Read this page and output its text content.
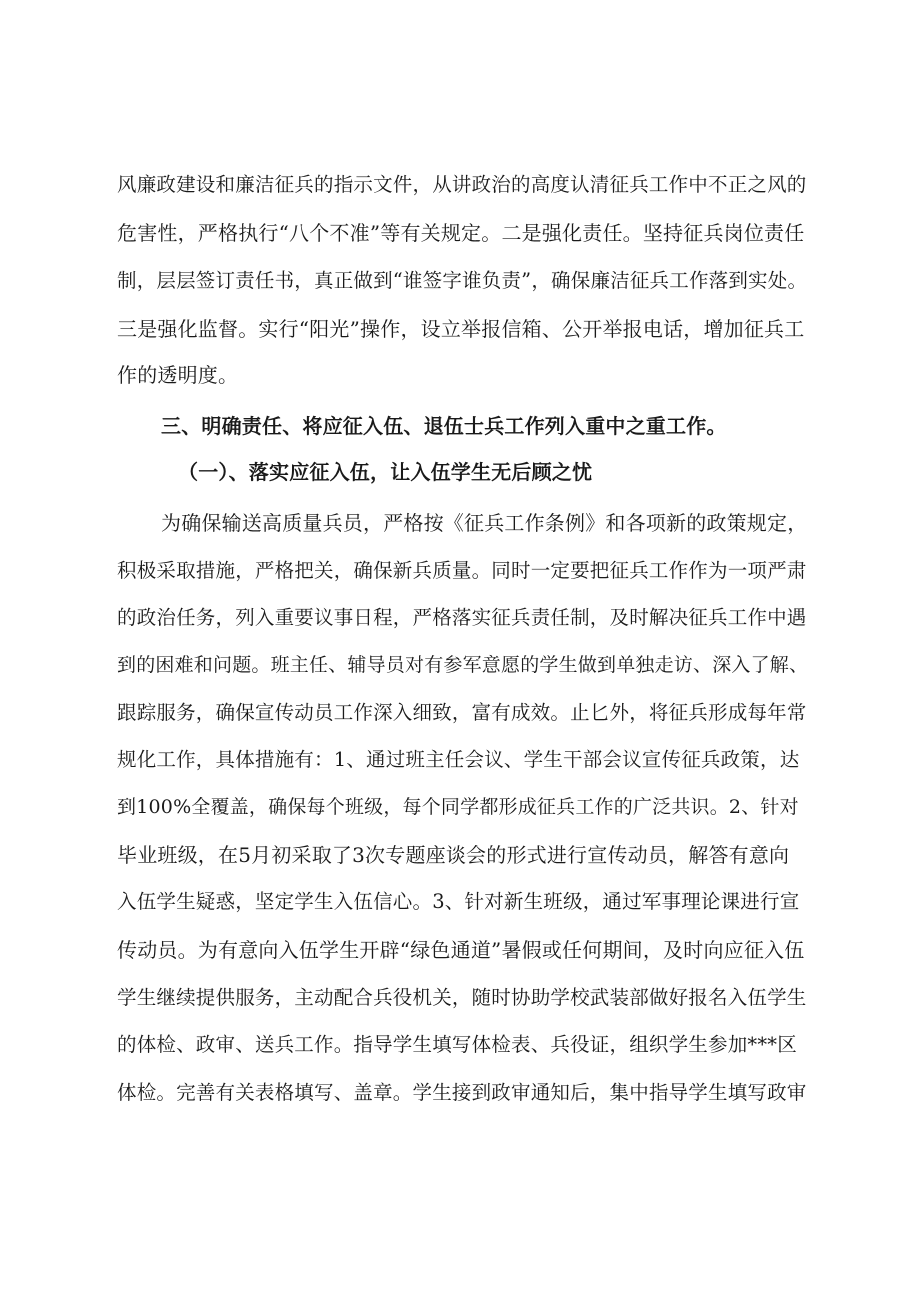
风廉政建设和廉洁征兵的指示文件，从讲政治的高度认清征兵工作中不正之风的
危害性，严格执行“八个不准”等有关规定。二是强化责任。坚持征兵岗位责任
制，层层签订责任书，真正做到“谁签字谁负责”，确保廉洁征兵工作落到实处。
三是强化监督。实行“阳光”操作，设立举报信箱、公开举报电话，增加征兵工
作的透明度。
三、明确责任、将应征入伍、退伍士兵工作列入重中之重工作。
（一）、落实应征入伍，让入伍学生无后顾之忧
为确保输送高质量兵员，严格按《征兵工作条例》和各项新的政策规定，
积极采取措施，严格把关，确保新兵质量。同时一定要把征兵工作作为一项严肃
的政治任务，列入重要议事日程，严格落实征兵责任制，及时解决征兵工作中遇
到的困难和问题。班主任、辅导员对有参军意愿的学生做到单独走访、深入了解、
跟踪服务，确保宣传动员工作深入细致，富有成效。止匕外，将征兵形成每年常
规化工作，具体措施有：1、通过班主任会议、学生干部会议宣传征兵政策，达
到100%全覆盖，确保每个班级，每个同学都形成征兵工作的广泛共识。2、针对
毕业班级，在5月初采取了3次专题座谈会的形式进行宣传动员，解答有意向
入伍学生疑惑，坚定学生入伍信心。3、针对新生班级，通过军事理论课进行宣
传动员。为有意向入伍学生开辟“绿色通道”暑假或任何期间，及时向应征入伍
学生继续提供服务，主动配合兵役机关，随时协助学校武装部做好报名入伍学生
的体检、政审、送兵工作。指导学生填写体检表、兵役证，组织学生参加***区
体检。完善有关表格填写、盖章。学生接到政审通知后，集中指导学生填写政审
